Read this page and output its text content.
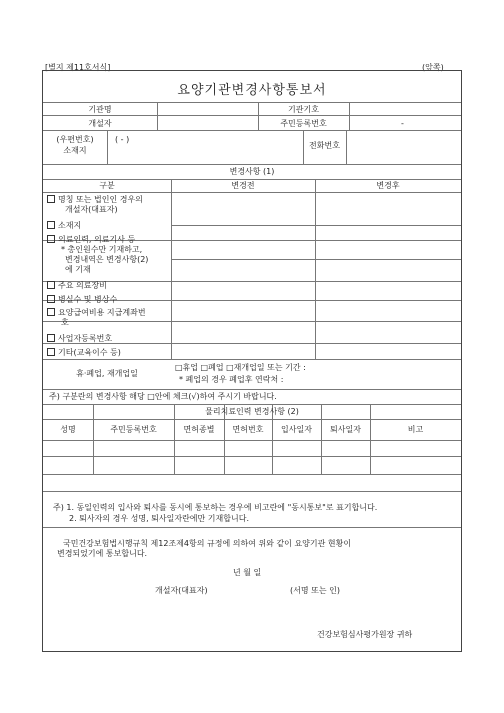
[별지 제11호서식]	(앞쪽)
요양기관변경사항통보서
기관명	기관기호
개설자	주민등록번호	-
(우편번호)	( - )
소재지
전화번호
변경사항 (1)
구분	변경전	변경후
명칭 또는 법인인 경우의
개설자(대표자)
소재지
의료인력, 의료기사 등
* 총인원수만 기재하고,
변경내역은 변경사항(2)
에 기재
주요 의료장비
병실수 및 병상수
요양급여비용 지급계좌번
호
사업자등록번호
기타(교육이수 등)
휴·폐업, 재개업일
□휴업 □폐업 □재개업일 또는 기간 :
* 폐업의 경우 폐업후 연락처 :
주) 구분란의 변경사항 해당 □안에 체크(√)하여 주시기 바랍니다.
물리치료인력 변경사항 (2)
성명	주민등록번호	면허종별	면허번호	입사일자	퇴사일자	비고
주) 1. 동일인력의 입사와 퇴사를 동시에 통보하는 경우에 비고란에 "동시통보"로 표기합니다.
2. 퇴사자의 경우 성명, 퇴사일자란에만 기재합니다.
국민건강보험법시행규칙 제12조제4항의 규정에 의하여 위와 같이 요양기관 현황이
변경되었기에 통보합니다.
년 월 일
개설자(대표자)	(서명 또는 인)
건강보험심사평가원장 귀하
